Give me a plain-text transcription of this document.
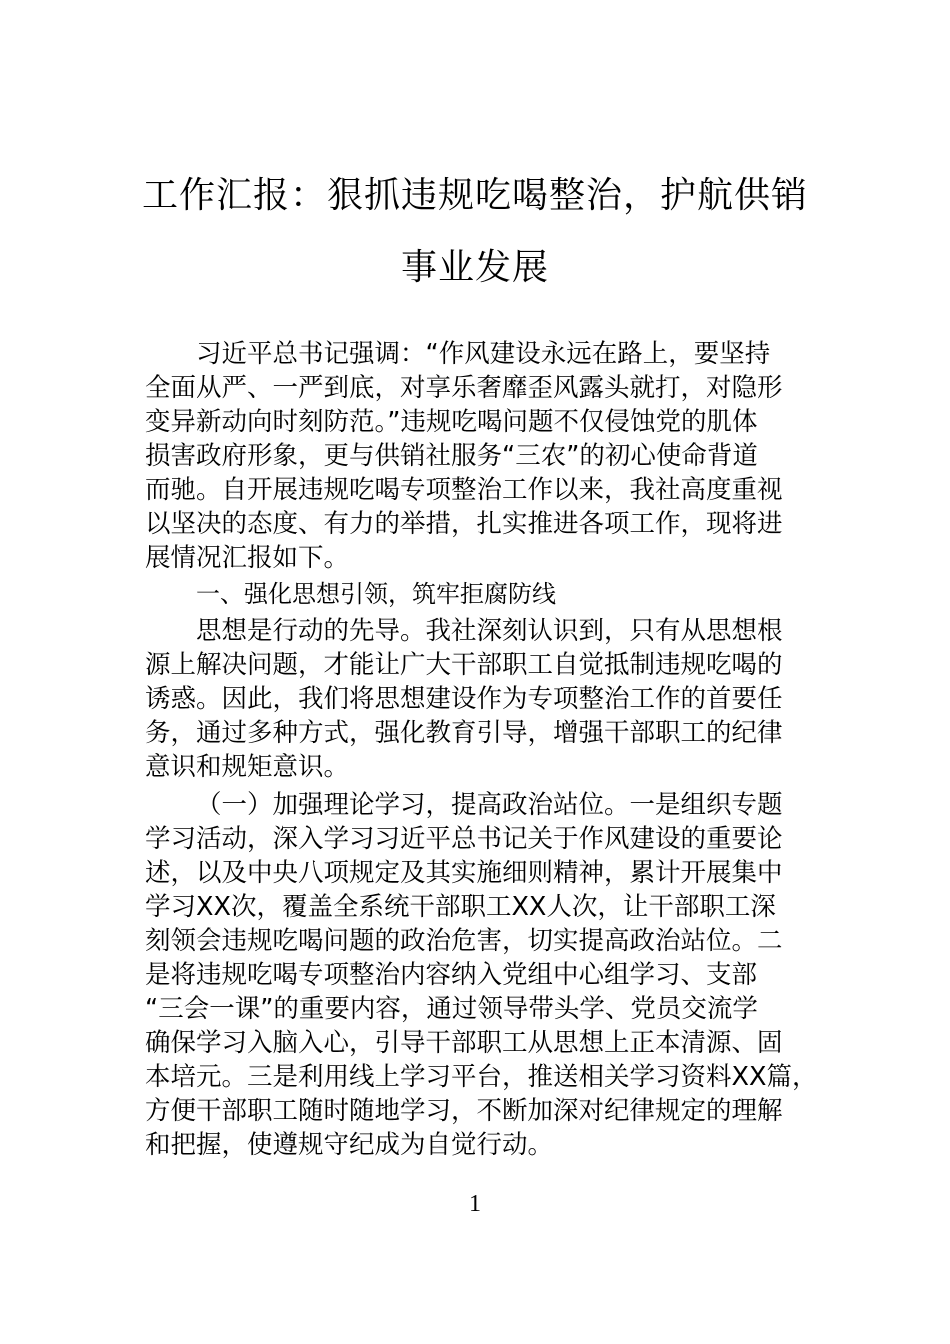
工作汇报：狠抓违规吃喝整治，护航供销
事业发展

习近平总书记强调：“作风建设永远在路上，要坚持

全面从严、一严到底，对享乐奢靡歪风露头就打，对隐形

变异新动向时刻防范。”违规吃喝问题不仅侵蚀党的肌体

损害政府形象，更与供销社服务“三农”的初心使命背道

而驰。自开展违规吃喝专项整治工作以来，我社高度重视

以坚决的态度、有力的举措，扎实推进各项工作，现将进

展情况汇报如下。

一、强化思想引领，筑牢拒腐防线

思想是行动的先导。我社深刻认识到，只有从思想根

源上解决问题，才能让广大干部职工自觉抵制违规吃喝的

诱惑。因此，我们将思想建设作为专项整治工作的首要任

务，通过多种方式，强化教育引导，增强干部职工的纪律

意识和规矩意识。

（一）加强理论学习，提高政治站位。一是组织专题

学习活动，深入学习习近平总书记关于作风建设的重要论

述，以及中央八项规定及其实施细则精神，累计开展集中

学习XX次，覆盖全系统干部职工XX人次，让干部职工深

刻领会违规吃喝问题的政治危害，切实提高政治站位。二

是将违规吃喝专项整治内容纳入党组中心组学习、支部

“三会一课”的重要内容，通过领导带头学、党员交流学

确保学习入脑入心，引导干部职工从思想上正本清源、固

本培元。三是利用线上学习平台，推送相关学习资料XX篇，

方便干部职工随时随地学习，不断加深对纪律规定的理解

和把握，使遵规守纪成为自觉行动。

1
